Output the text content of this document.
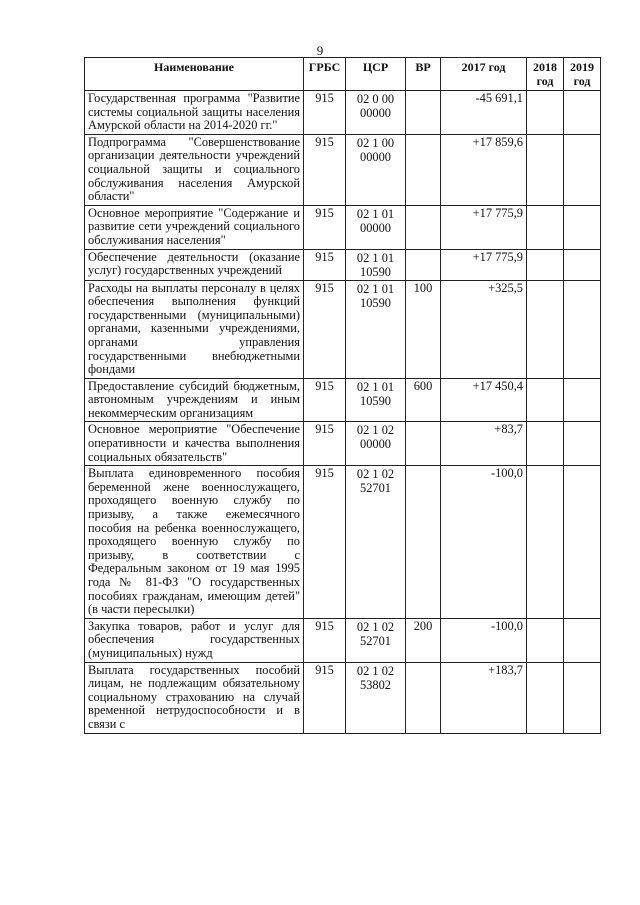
9
Наименование	ГРБС	ЦСР	ВР	2017 год	2018 год	2019 год
Государственная программа "Развитие системы социальной защиты населения Амурской области на 2014-2020 гг."	915	02 0 00 00000		-45 691,1		
Подпрограмма "Совершенствование организации деятельности учреждений социальной защиты и социального обслуживания населения Амурской области"	915	02 1 00 00000		+17 859,6		
Основное мероприятие "Содержание и развитие сети учреждений социального обслуживания населения"	915	02 1 01 00000		+17 775,9		
Обеспечение деятельности (оказание услуг) государственных учреждений	915	02 1 01 10590		+17 775,9		
Расходы на выплаты персоналу в целях обеспечения выполнения функций государственными (муниципальными) органами, казенными учреждениями, органами управления государственными внебюджетными фондами	915	02 1 01 10590	100	+325,5		
Предоставление субсидий бюджетным, автономным учреждениям и иным некоммерческим организациям	915	02 1 01 10590	600	+17 450,4		
Основное мероприятие "Обеспечение оперативности и качества выполнения социальных обязательств"	915	02 1 02 00000		+83,7		
Выплата единовременного пособия беременной жене военнослужащего, проходящего военную службу по призыву, а также ежемесячного пособия на ребенка военнослужащего, проходящего военную службу по призыву, в соответствии с Федеральным законом от 19 мая 1995 года № 81-ФЗ "О государственных пособиях гражданам, имеющим детей" (в части пересылки)	915	02 1 02 52701		-100,0		
Закупка товаров, работ и услуг для обеспечения государственных (муниципальных) нужд	915	02 1 02 52701	200	-100,0		
Выплата государственных пособий лицам, не подлежащим обязательному социальному страхованию на случай временной нетрудоспособности и в связи с	915	02 1 02 53802		+183,7		
